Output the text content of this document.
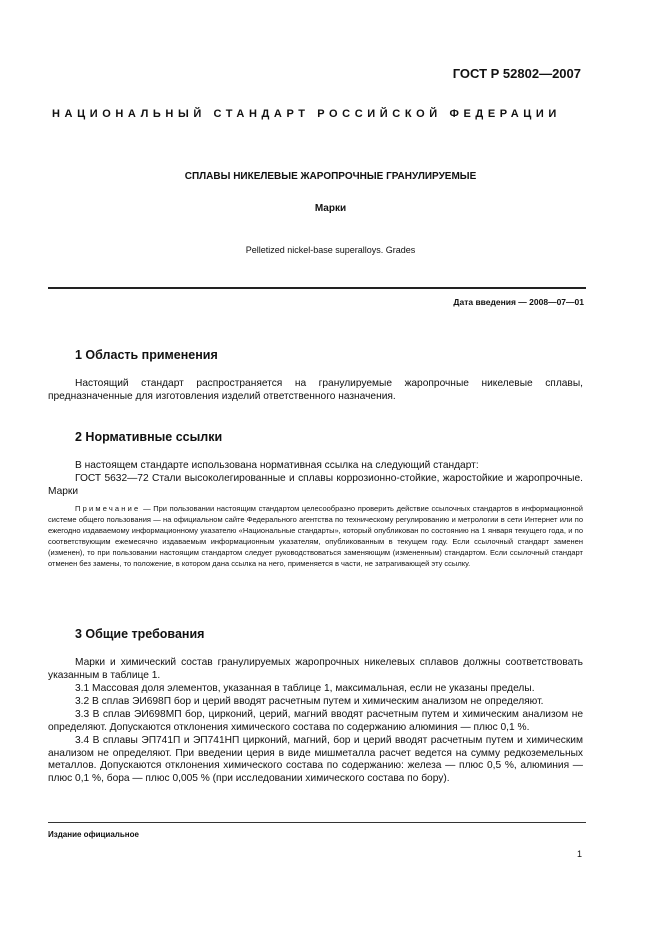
ГОСТ Р 52802—2007
НАЦИОНАЛЬНЫЙ СТАНДАРТ РОССИЙСКОЙ ФЕДЕРАЦИИ
СПЛАВЫ НИКЕЛЕВЫЕ ЖАРОПРОЧНЫЕ ГРАНУЛИРУЕМЫЕ
Марки
Pelletized nickel-base superalloys. Grades
Дата введения — 2008—07—01
1 Область применения

Настоящий стандарт распространяется на гранулируемые жаропрочные никелевые сплавы, предназначенные для изготовления изделий ответственного назначения.

2 Нормативные ссылки

В настоящем стандарте использована нормативная ссылка на следующий стандарт:

ГОСТ 5632—72 Стали высоколегированные и сплавы коррозионно-стойкие, жаростойкие и жаропрочные. Марки

Примечание — При пользовании настоящим стандартом целесообразно проверить действие ссылочных стандартов в информационной системе общего пользования — на официальном сайте Федерального агентства по техническому регулированию и метрологии в сети Интернет или по ежегодно издаваемому информационному указателю «Национальные стандарты», который опубликован по состоянию на 1 января текущего года, и по соответствующим ежемесячно издаваемым информационным указателям, опубликованным в текущем году. Если ссылочный стандарт заменен (изменен), то при пользовании настоящим стандартом следует руководствоваться заменяющим (измененным) стандартом. Если ссылочный стандарт отменен без замены, то положение, в котором дана ссылка на него, применяется в части, не затрагивающей эту ссылку.

3 Общие требования

Марки и химический состав гранулируемых жаропрочных никелевых сплавов должны соответствовать указанным в таблице 1.

3.1 Массовая доля элементов, указанная в таблице 1, максимальная, если не указаны пределы.

3.2 В сплав ЭИ698П бор и церий вводят расчетным путем и химическим анализом не определяют.

3.3 В сплав ЭИ698МП бор, цирконий, церий, магний вводят расчетным путем и химическим анализом не определяют. Допускаются отклонения химического состава по содержанию алюминия — плюс 0,1 %.

3.4 В сплавы ЭП741П и ЭП741НП цирконий, магний, бор и церий вводят расчетным путем и химическим анализом не определяют. При введении церия в виде мишметалла расчет ведется на сумму редкоземельных металлов. Допускаются отклонения химического состава по содержанию: железа — плюс 0,5 %, алюминия — плюс 0,1 %, бора — плюс 0,005 % (при исследовании химического состава по бору).

Издание официальное
1
